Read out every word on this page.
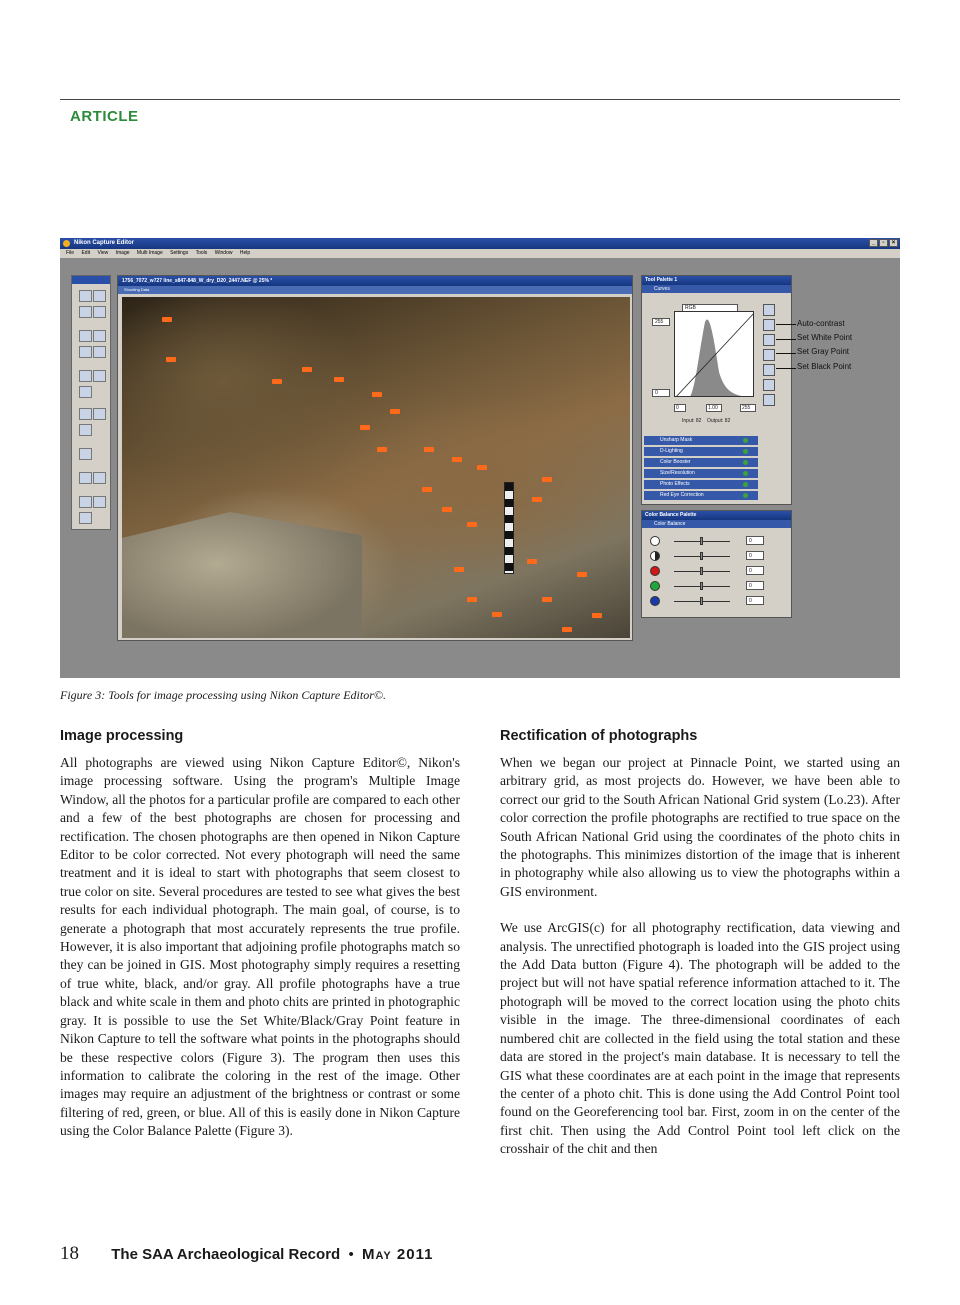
ARTICLE
Nikon Capture Editor	_	▫	×
File Edit View Image Multi Image Settings Tools Window Help
1756_7072_w727 line_s847-848_W_dry_D20_2447.NEF @ 25% *
Shooting Data
Tool Palette 1
Curves
RGB
255
0
0	1.00	255
Input: 82    Output: 82
Unsharp Mask
D-Lighting
Color Booster
Size/Resolution
Photo Effects
Red Eye Correction
Auto-contrast
Set White Point
Set Gray Point
Set Black Point
Color Balance Palette
Color Balance
0
0
0
0
0
Figure 3: Tools for image processing using Nikon Capture Editor©.
Image processing

All photographs are viewed using Nikon Capture Editor©, Nikon's image processing software. Using the program's Multiple Image Window, all the photos for a particular profile are compared to each other and a few of the best photographs are chosen for processing and rectification. The chosen photographs are then opened in Nikon Capture Editor to be color corrected. Not every photograph will need the same treatment and it is ideal to start with photographs that seem closest to true color on site. Several procedures are tested to see what gives the best results for each individual photograph. The main goal, of course, is to generate a photograph that most accurately represents the true profile. However, it is also important that adjoining profile photographs match so they can be joined in GIS. Most photography simply requires a resetting of true white, black, and/or gray. All profile photographs have a true black and white scale in them and photo chits are printed in photographic gray. It is possible to use the Set White/Black/Gray Point feature in Nikon Capture to tell the software what points in the photographs should be these respective colors (Figure 3). The program then uses this information to calibrate the coloring in the rest of the image. Other images may require an adjustment of the brightness or contrast or some filtering of red, green, or blue. All of this is easily done in Nikon Capture using the Color Balance Palette (Figure 3).

Rectification of photographs

When we began our project at Pinnacle Point, we started using an arbitrary grid, as most projects do. However, we have been able to correct our grid to the South African National Grid system (Lo.23). After color correction the profile photographs are rectified to true space on the South African National Grid using the coordinates of the photo chits in the photographs. This minimizes distortion of the image that is inherent in photography while also allowing us to view the photographs within a GIS environment.

We use ArcGIS(c) for all photography rectification, data viewing and analysis. The unrectified photograph is loaded into the GIS project using the Add Data button (Figure 4). The photograph will be added to the project but will not have spatial reference information attached to it. The photograph will be moved to the correct location using the photo chits visible in the image. The three-dimensional coordinates of each numbered chit are collected in the field using the total station and these data are stored in the project's main database. It is necessary to tell the GIS what these coordinates are at each point in the image that represents the center of a photo chit. This is done using the Add Control Point tool found on the Georeferencing tool bar. First, zoom in on the center of the first chit. Then using the Add Control Point tool left click on the crosshair of the chit and then

18 The SAA Archaeological Record • May 2011
